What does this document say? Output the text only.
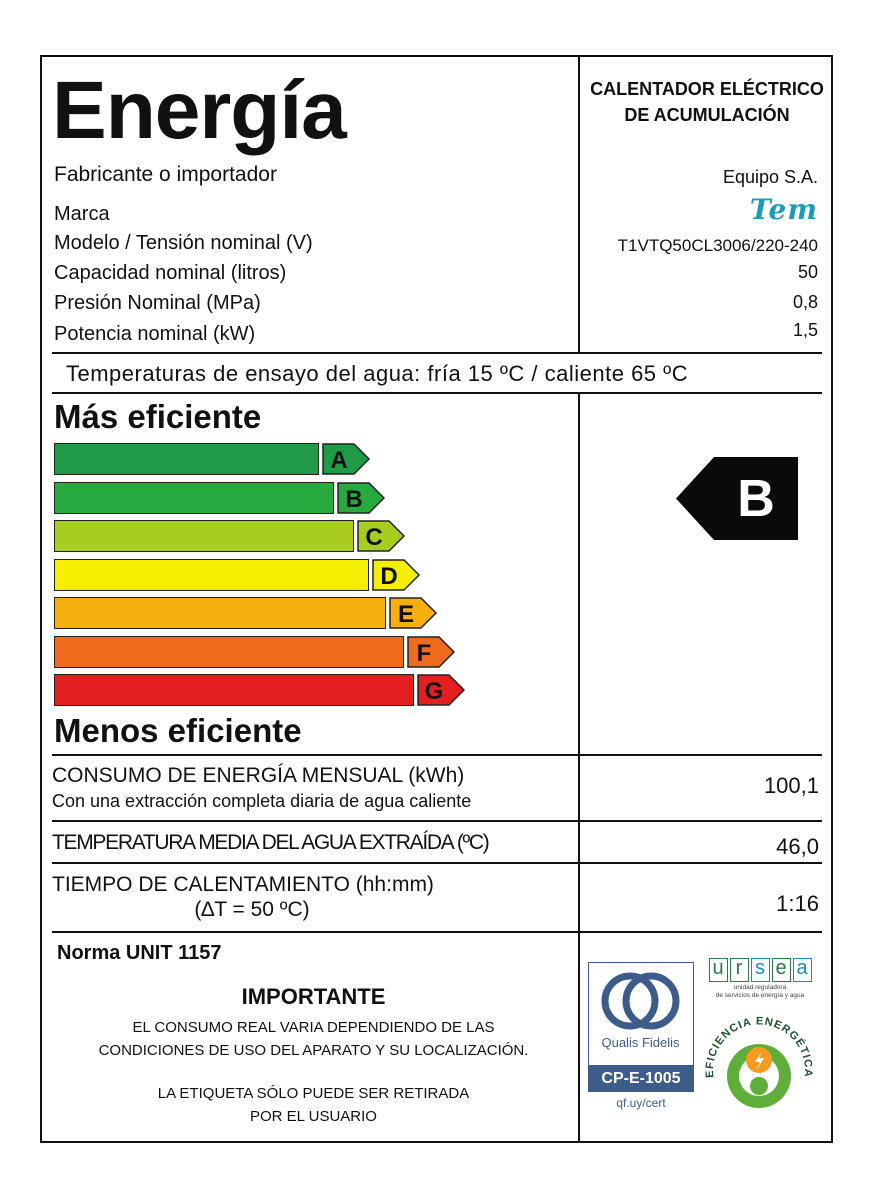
Energía	CALENTADOR ELÉCTRICO
DE ACUMULACIÓN
Fabricante o importador	Equipo S.A.
Marca	Tem
Modelo / Tensión nominal (V)	T1VTQ50CL3006/220-240
Capacidad nominal (litros)	50
Presión Nominal (MPa)	0,8
Potencia nominal (kW)	1,5
Temperaturas de ensayo del agua: fría 15 ºC / caliente 65 ºC
Más eficiente
Menos eficiente
A
B
C
D
E
F
G
B
CONSUMO DE ENERGÍA MENSUAL (kWh)
Con una extracción completa diaria de agua caliente
100,1
TEMPERATURA MEDIA DEL AGUA EXTRAÍDA (ºC)	46,0
TIEMPO DE CALENTAMIENTO (hh:mm)
(∆T = 50 ºC)	1:16
Norma UNIT 1157
IMPORTANTE
EL CONSUMO REAL VARIA DEPENDIENDO DE LAS
CONDICIONES DE USO DEL APARATO Y SU LOCALIZACIÓN.
LA ETIQUETA SÓLO PUEDE SER RETIRADA
POR EL USUARIO
Qualis Fidelis
CP-E-1005
qf.uy/cert
u r s e a
unidad reguladora
de servicios de energía y agua
EFICIENCIA ENERGÉTICA
